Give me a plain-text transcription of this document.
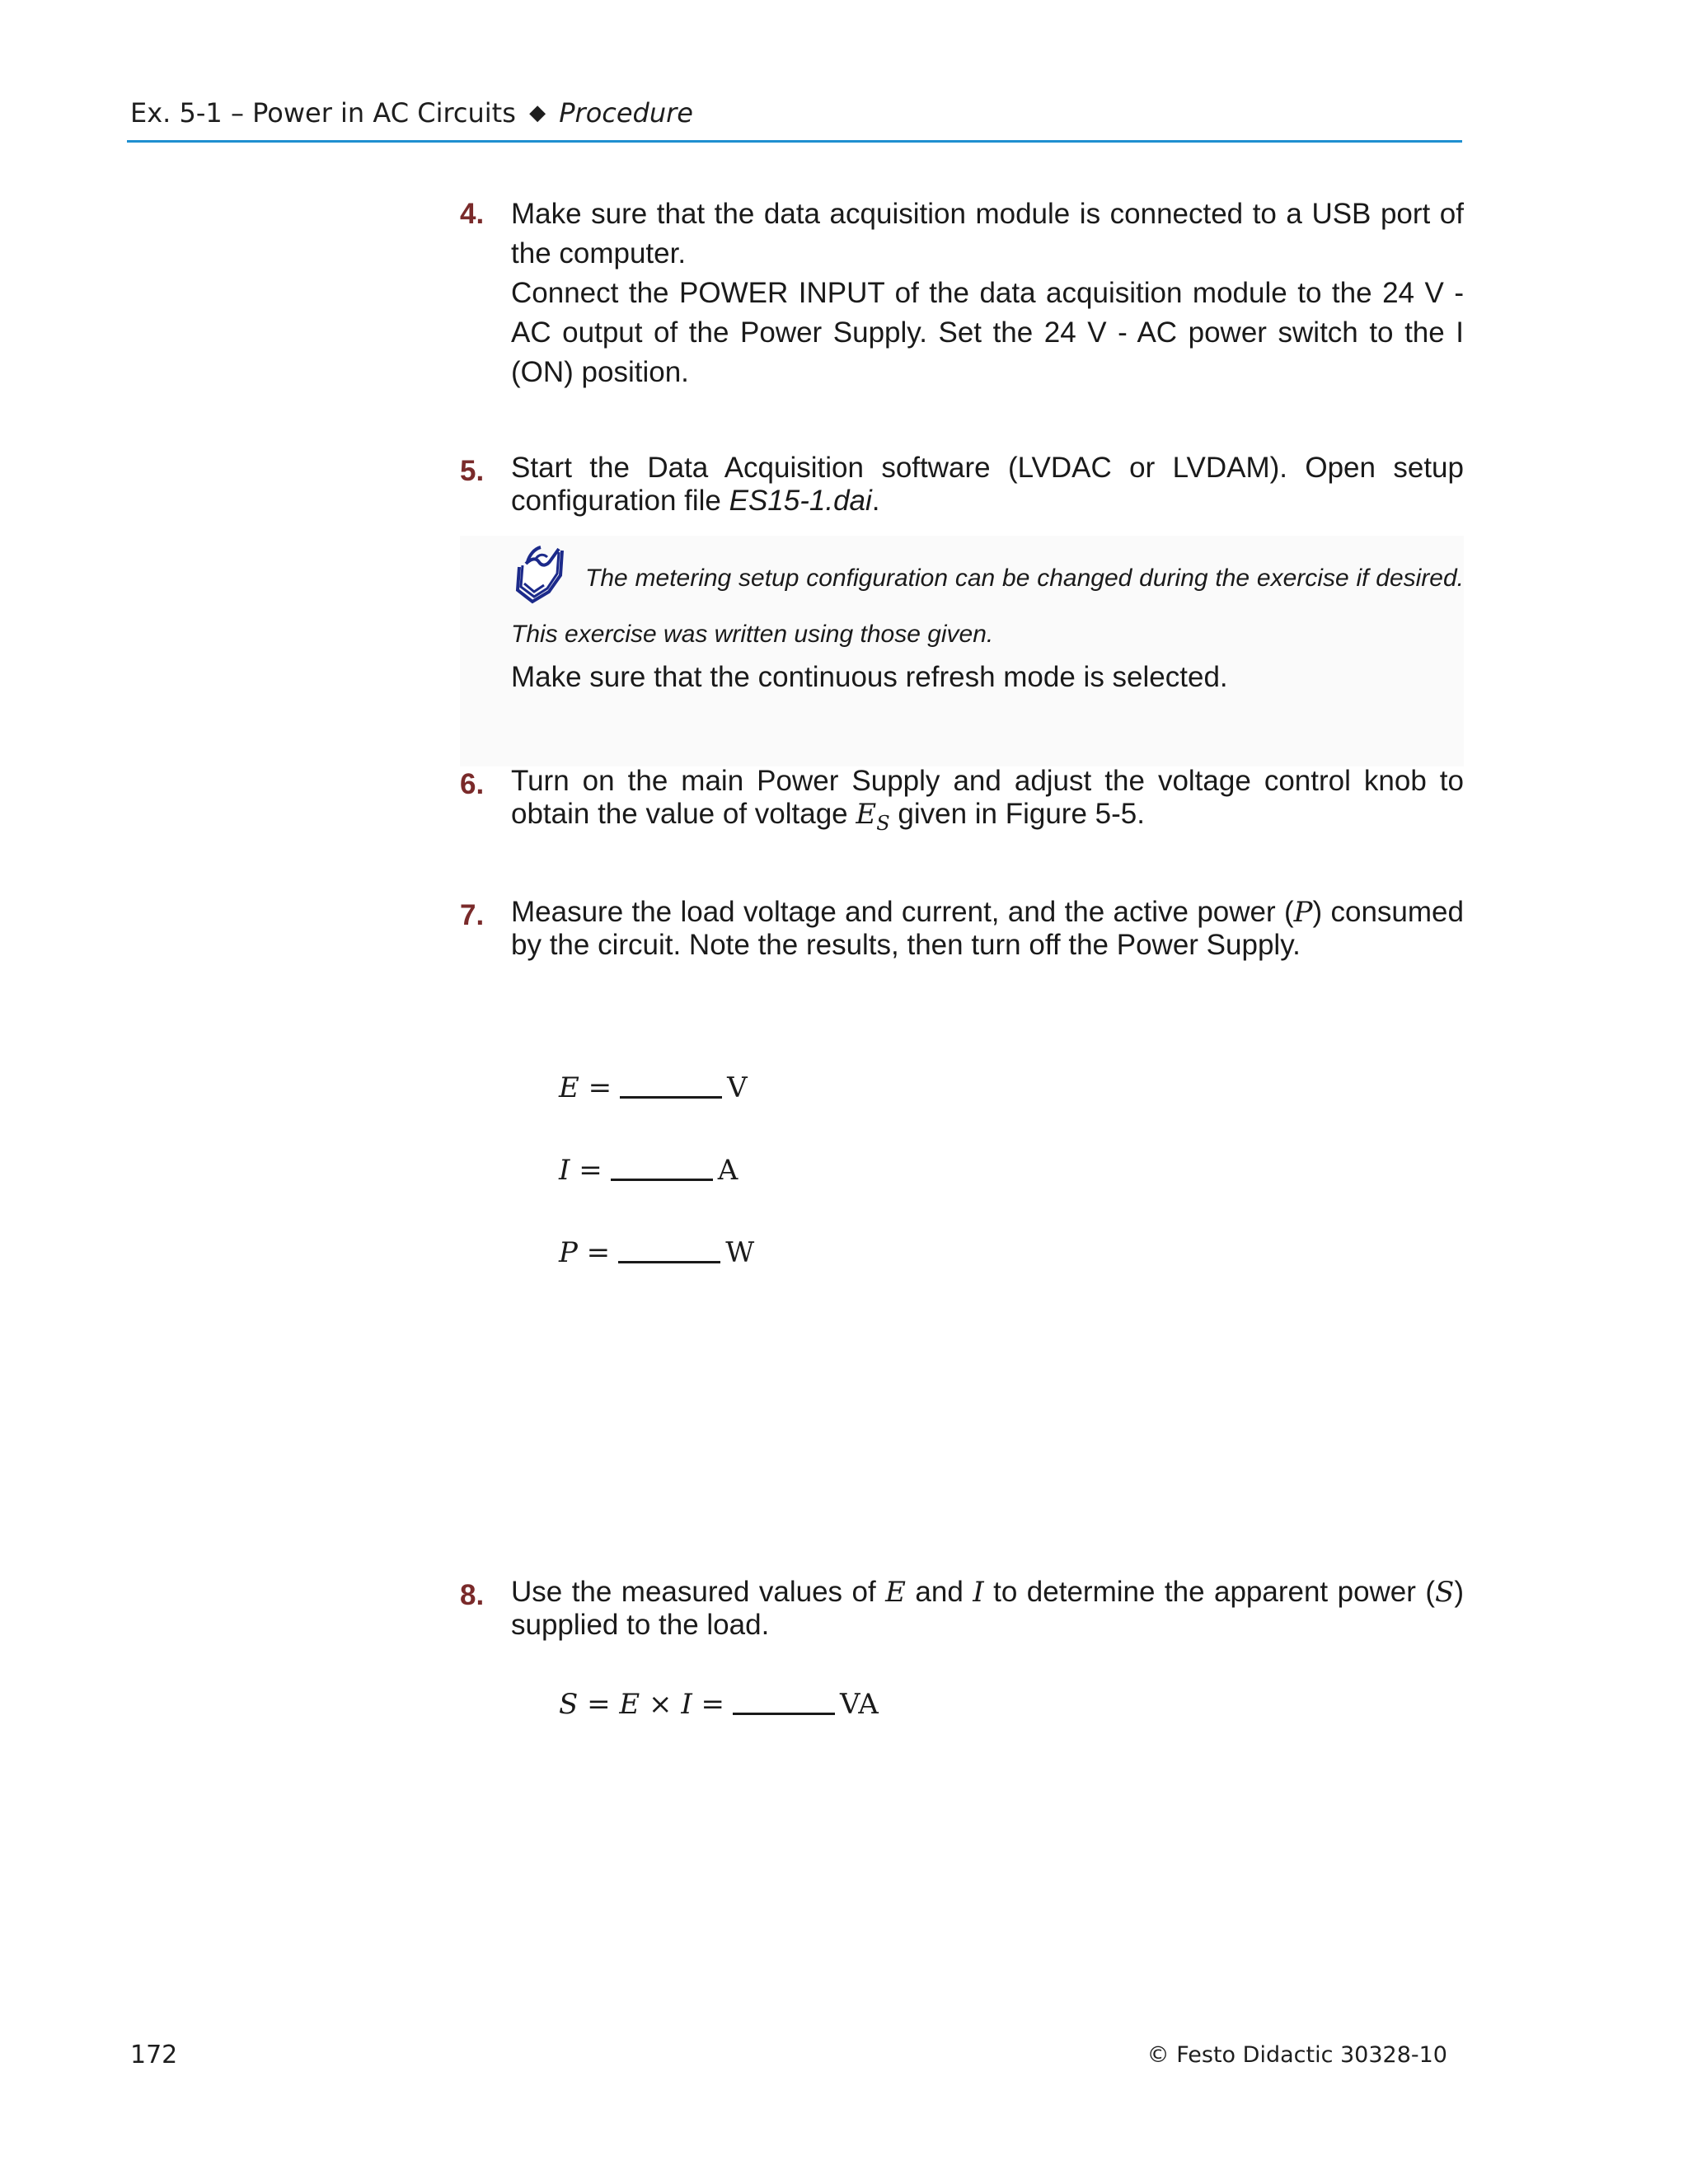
Ex. 5-1 – Power in AC Circuits ◆ Procedure
4. Make sure that the data acquisition module is connected to a USB port of the computer.

Connect the POWER INPUT of the data acquisition module to the 24 V - AC output of the Power Supply. Set the 24 V - AC power switch to the I (ON) position.

5. Start the Data Acquisition software (LVDAC or LVDAM). Open setup configuration file ES15-1.dai.
The metering setup configuration can be changed during the exercise if desired. This exercise was written using those given.
Make sure that the continuous refresh mode is selected.
6. Turn on the main Power Supply and adjust the voltage control knob to obtain the value of voltage $E_S$ given in Figure 5-5.
7. Measure the load voltage and current, and the active power (P) consumed by the circuit. Note the results, then turn off the Power Supply.
E =	V
I =	A
P =	W
8. Use the measured values of E and I to determine the apparent power (S) supplied to the load.
S = E × I =	VA
172	© Festo Didactic 30328-10
